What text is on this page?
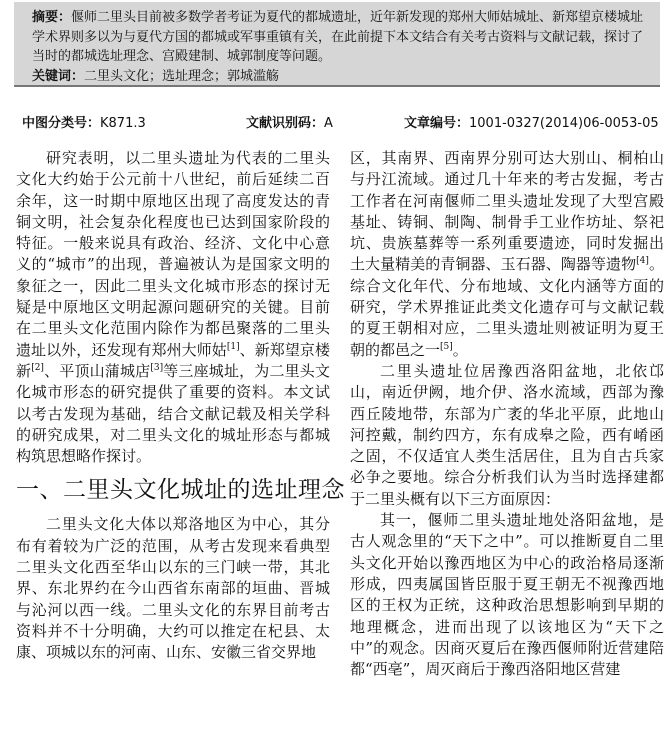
摘要：偃师二里头目前被多数学者考证为夏代的都城遗址，近年新发现的郑州大师姑城址、新郑望京楼城址学术界则多以为与夏代方国的都城或军事重镇有关，在此前提下本文结合有关考古资料与文献记载，探讨了当时的都城选址理念、宫殿建制、城郭制度等问题。
关键词：二里头文化；选址理念；郭城滥觞
中图分类号：K871.3	文献识别码：A	文章编号：1001-0327(2014)06-0053-05

研究表明，以二里头遗址为代表的二里头文化大约始于公元前十八世纪，前后延续二百余年，这一时期中原地区出现了高度发达的青铜文明，社会复杂化程度也已达到国家阶段的特征。一般来说具有政治、经济、文化中心意义的“城市”的出现，普遍被认为是国家文明的象征之一，因此二里头文化城市形态的探讨无疑是中原地区文明起源问题研究的关键。目前在二里头文化范围内除作为都邑聚落的二里头遗址以外，还发现有郑州大师姑[1]、新郑望京楼新[2]、平顶山蒲城店[3]等三座城址，为二里头文化城市形态的研究提供了重要的资料。本文试以考古发现为基础，结合文献记载及相关学科的研究成果，对二里头文化的城址形态与都城构筑思想略作探讨。

一、二里头文化城址的选址理念

二里头文化大体以郑洛地区为中心，其分布有着较为广泛的范围，从考古发现来看典型二里头文化西至华山以东的三门峡一带，其北界、东北界约在今山西省东南部的垣曲、晋城与沁河以西一线。二里头文化的东界目前考古资料并不十分明确，大约可以推定在杞县、太康、项城以东的河南、山东、安徽三省交界地

区，其南界、西南界分别可达大别山、桐柏山与丹江流域。通过几十年来的考古发掘，考古工作者在河南偃师二里头遗址发现了大型宫殿基址、铸铜、制陶、制骨手工业作坊址、祭祀坑、贵族墓葬等一系列重要遗迹，同时发掘出土大量精美的青铜器、玉石器、陶器等遗物[4]。综合文化年代、分布地域、文化内涵等方面的研究，学术界推证此类文化遗存可与文献记载的夏王朝相对应，二里头遗址则被证明为夏王朝的都邑之一[5]。

二里头遗址位居豫西洛阳盆地，北依邙山，南近伊阙，地介伊、洛水流域，西部为豫西丘陵地带，东部为广袤的华北平原，此地山河控戴，制约四方，东有成皋之险，西有崤函之固，不仅适宜人类生活居住，且为自古兵家必争之要地。综合分析我们认为当时选择建都于二里头概有以下三方面原因：

其一，偃师二里头遗址地处洛阳盆地，是古人观念里的“天下之中”。可以推断夏自二里头文化开始以豫西地区为中心的政治格局逐渐形成，四夷属国皆臣服于夏王朝无不视豫西地区的王权为正统，这种政治思想影响到早期的地理概念，进而出现了以该地区为“天下之中”的观念。因商灭夏后在豫西偃师附近营建陪都“西亳”，周灭商后于豫西洛阳地区营建
